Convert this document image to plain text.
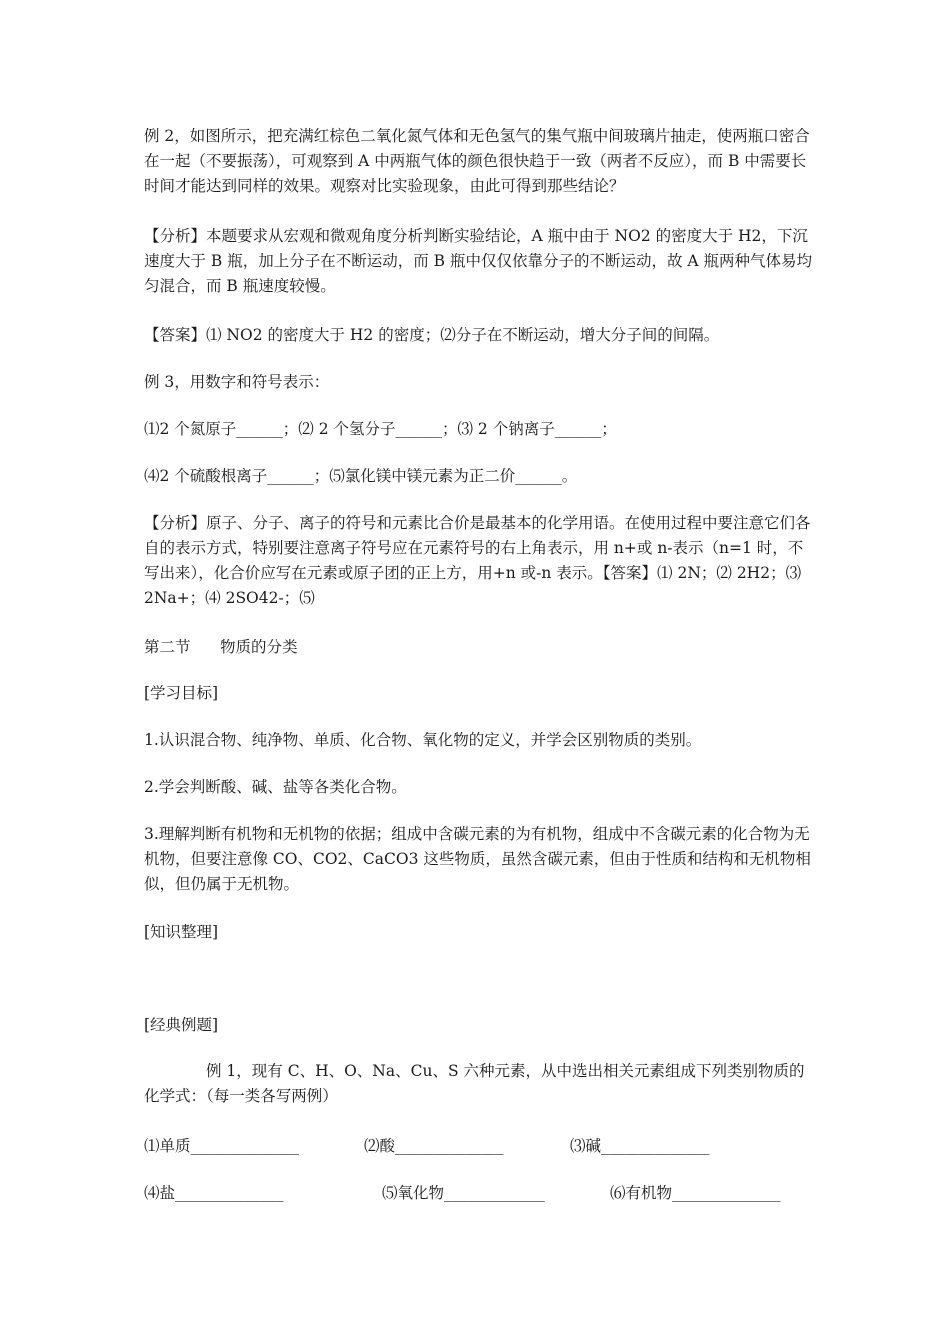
例 2，如图所示，把充满红棕色二氧化氮气体和无色氢气的集气瓶中间玻璃片抽走，使两瓶口密合在一起（不要振荡），可观察到 A 中两瓶气体的颜色很快趋于一致（两者不反应），而 B 中需要长时间才能达到同样的效果。观察对比实验现象，由此可得到那些结论？

【分析】本题要求从宏观和微观角度分析判断实验结论，A 瓶中由于 NO2 的密度大于 H2，下沉速度大于 B 瓶，加上分子在不断运动，而 B 瓶中仅仅依靠分子的不断运动，故 A 瓶两种气体易均匀混合，而 B 瓶速度较慢。

【答案】⑴ NO2 的密度大于 H2 的密度；⑵分子在不断运动，增大分子间的间隔。

例 3，用数字和符号表示：

⑴2 个氮原子______；⑵ 2 个氢分子______；⑶ 2 个钠离子______；

⑷2 个硫酸根离子______；⑸氯化镁中镁元素为正二价______。

【分析】原子、分子、离子的符号和元素比合价是最基本的化学用语。在使用过程中要注意它们各自的表示方式，特别要注意离子符号应在元素符号的右上角表示，用 n+或 n-表示（n=1 时，不写出来），化合价应写在元素或原子团的正上方，用+n 或-n 表示。【答案】⑴ 2N；⑵ 2H2；⑶ 2Na+；⑷ 2SO42-；⑸

第二节      物质的分类

[学习目标]

1.认识混合物、纯净物、单质、化合物、氧化物的定义，并学会区别物质的类别。

2.学会判断酸、碱、盐等各类化合物。

3.理解判断有机物和无机物的依据；组成中含碳元素的为有机物，组成中不含碳元素的化合物为无机物，但要注意像 CO、CO2、CaCO3 这些物质，虽然含碳元素，但由于性质和结构和无机物相似，但仍属于无机物。

[知识整理]

[经典例题]

例 1，现有 C、H、O、Na、Cu、S 六种元素，从中选出相关元素组成下列类别物质的化学式：（每一类各写两例）

⑴单质______________	⑵酸______________	⑶碱______________
⑷盐______________	⑸氧化物_____________	⑹有机物______________
